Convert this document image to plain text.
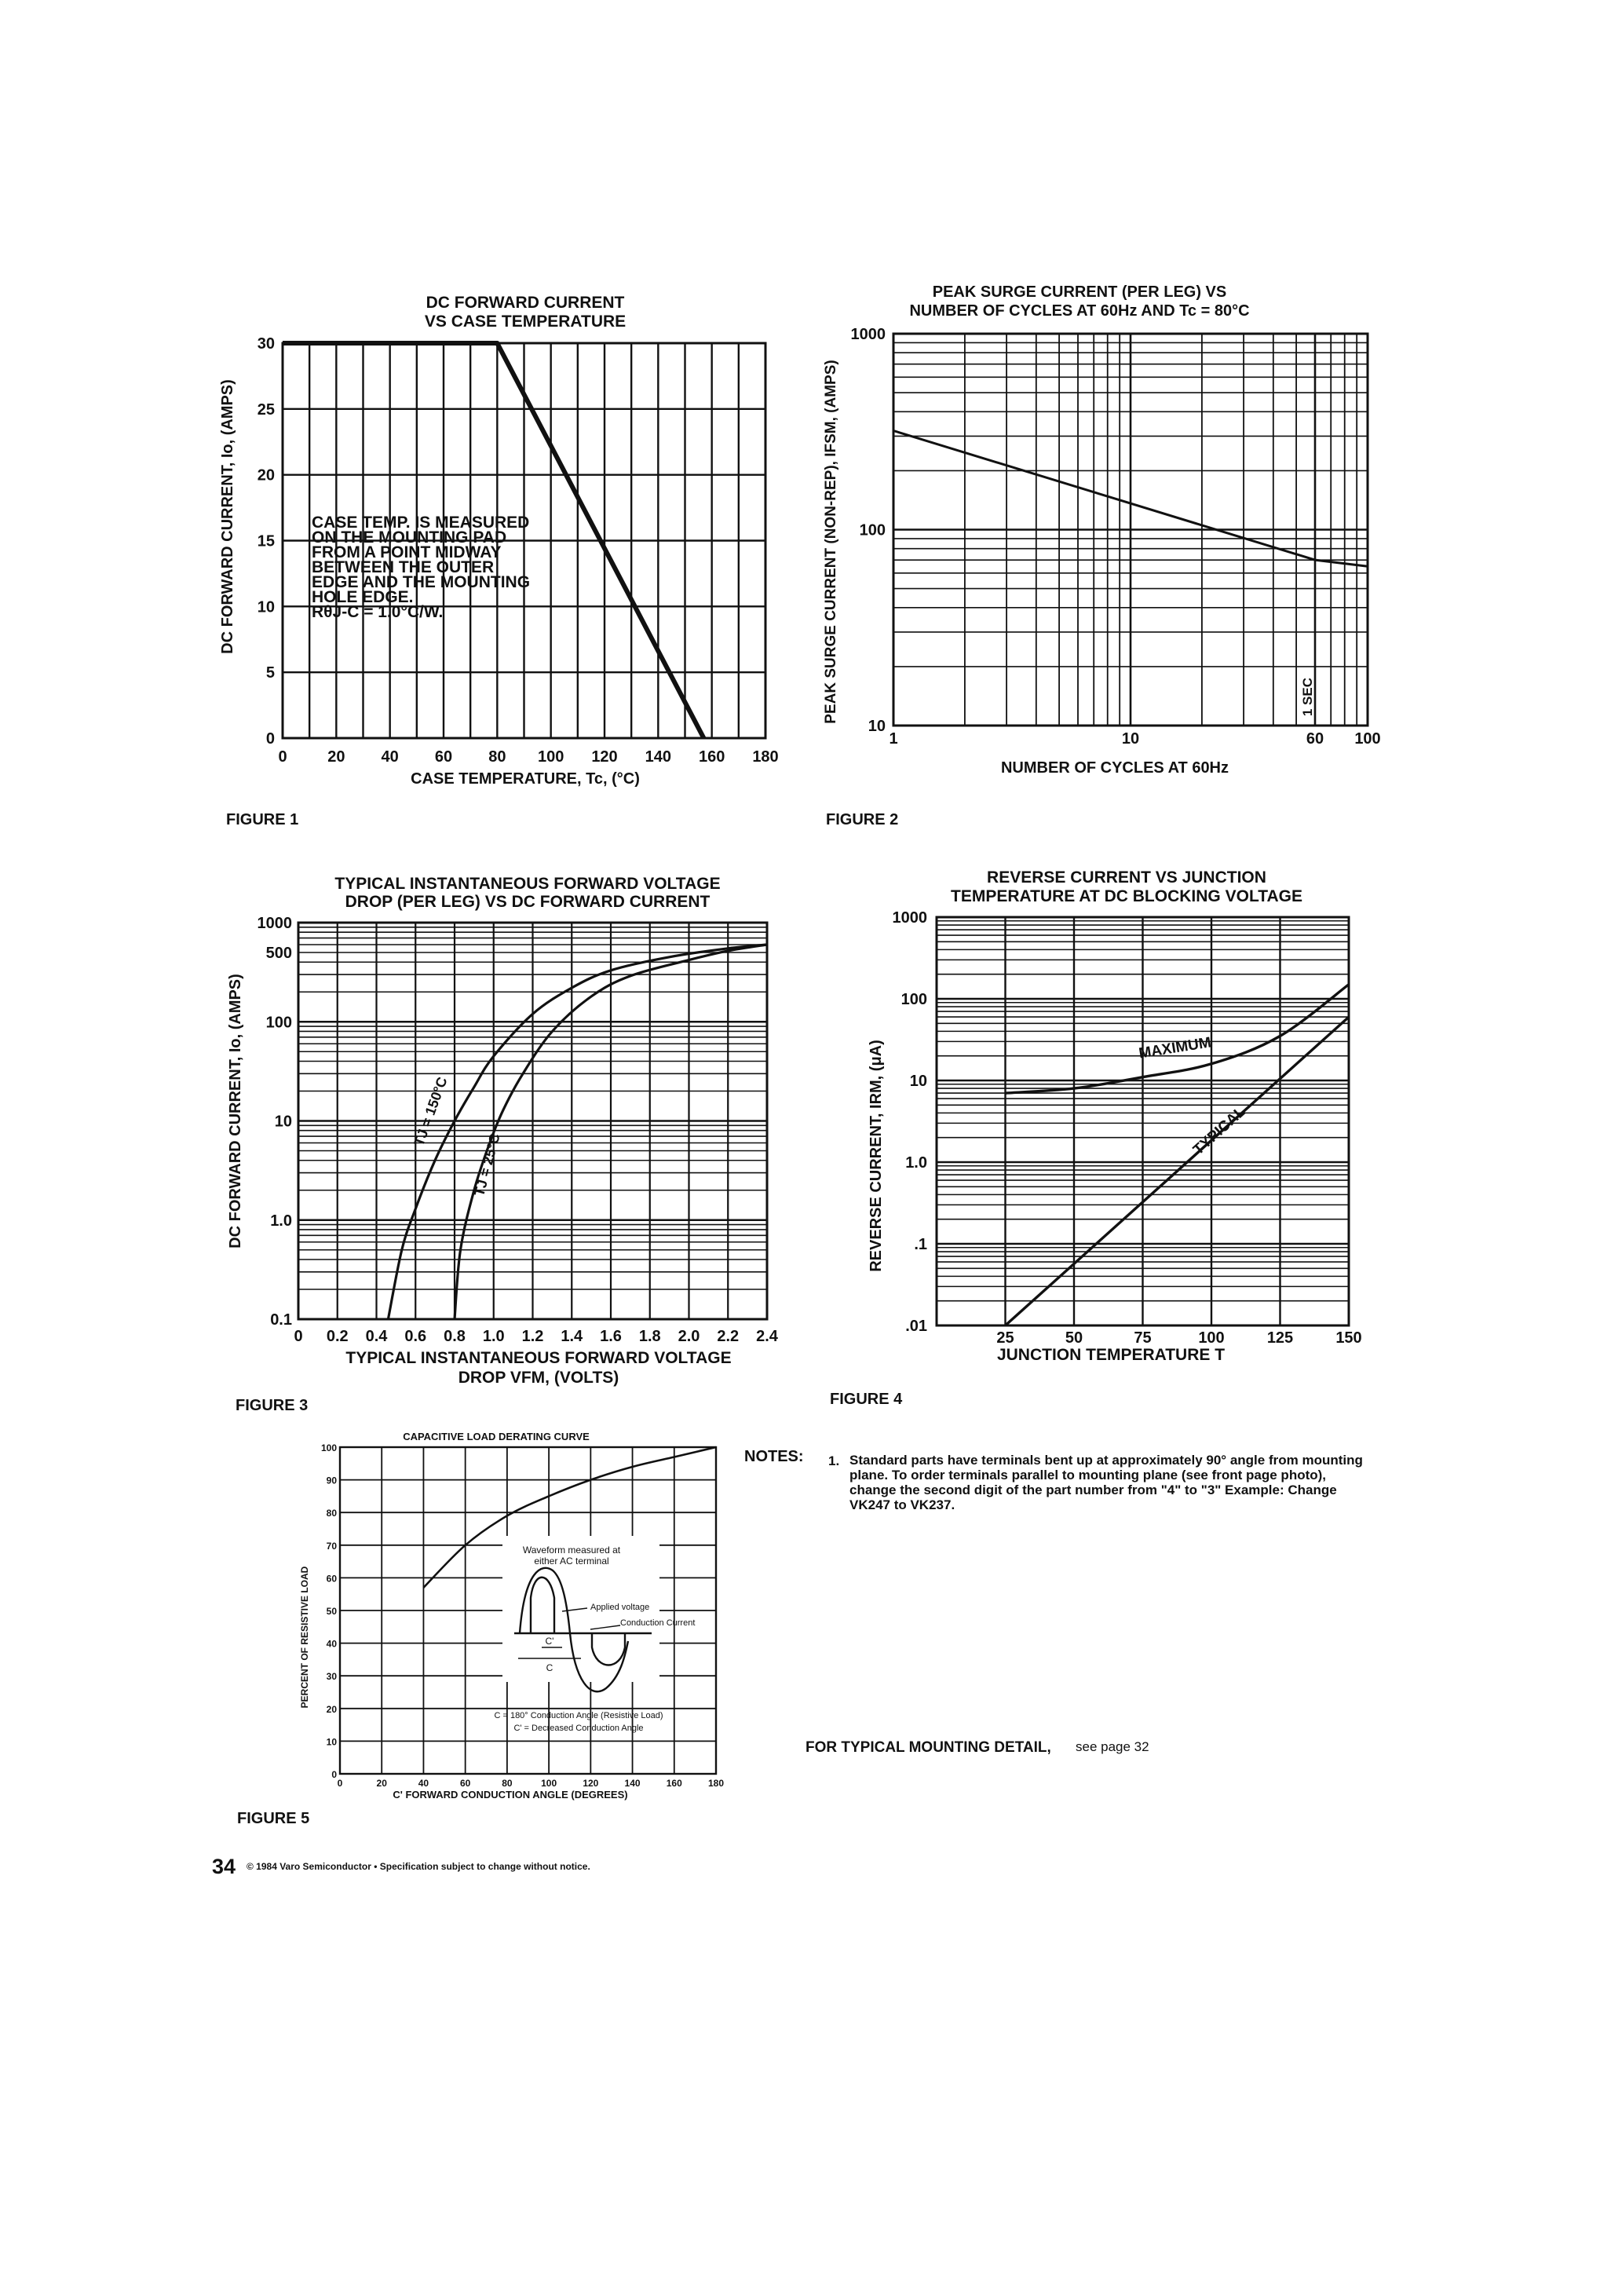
DC FORWARD CURRENT
VS CASE TEMPERATURE
0	20 40 60 80 100 120 140 160 180
0
5
10
15
20
25
30
DC FORWARD CURRENT, Io, (AMPS)
CASE TEMPERATURE, Tc, (°C)
CASE TEMP. IS MEASURED
ON THE MOUNTING PAD
FROM A POINT MIDWAY
BETWEEN THE OUTER
EDGE AND THE MOUNTING
HOLE EDGE.
RθJ-C = 1.0°C/W.
FIGURE 1
PEAK SURGE CURRENT (PER LEG) VS
NUMBER OF CYCLES AT 60Hz AND Tc = 80°C
1	10	60 100
10
100
1000
1 SEC
PEAK SURGE CURRENT (NON-REP), IFSM, (AMPS)
NUMBER OF CYCLES AT 60Hz
FIGURE 2
TYPICAL INSTANTANEOUS FORWARD VOLTAGE
DROP (PER LEG) VS DC FORWARD CURRENT
0 0.2 0.4 0.6 0.8 1.0 1.2 1.4 1.6 1.8 2.0 2.2 2.4
0.1
1.0
10
100
500
1000
TJ = 150°C
TJ = 25°C
DC FORWARD CURRENT, Io, (AMPS)
TYPICAL INSTANTANEOUS FORWARD VOLTAGE
DROP VFM, (VOLTS)
FIGURE 3
REVERSE CURRENT VS JUNCTION
TEMPERATURE AT DC BLOCKING VOLTAGE
25	50	75	100	125	150
.01
.1
1.0
10
100
1000
MAXIMUM
TYPICAL
REVERSE CURRENT, IRM, (μA)
JUNCTION TEMPERATURE T
FIGURE 4
CAPACITIVE LOAD DERATING CURVE
0	20	40	60	80	100	120	140	160	180
0
10
20
30
40
50
60
70
80
90
100
PERCENT OF RESISTIVE LOAD
C' FORWARD CONDUCTION ANGLE (DEGREES)
Waveform measured at
either AC terminal
Applied voltage
Conduction Current
C'
C
C = 180° Conduction Angle (Resistive Load)
C' = Decreased Conduction Angle
FIGURE 5
NOTES: 1. Standard parts have terminals bent up at approximately 90° angle from mounting
plane. To order terminals parallel to mounting plane (see front page photo),
change the second digit of the part number from "4" to "3" Example: Change
VK247 to VK237.
FOR TYPICAL MOUNTING DETAIL, see page 32
34 © 1984 Varo Semiconductor • Specification subject to change without notice.
